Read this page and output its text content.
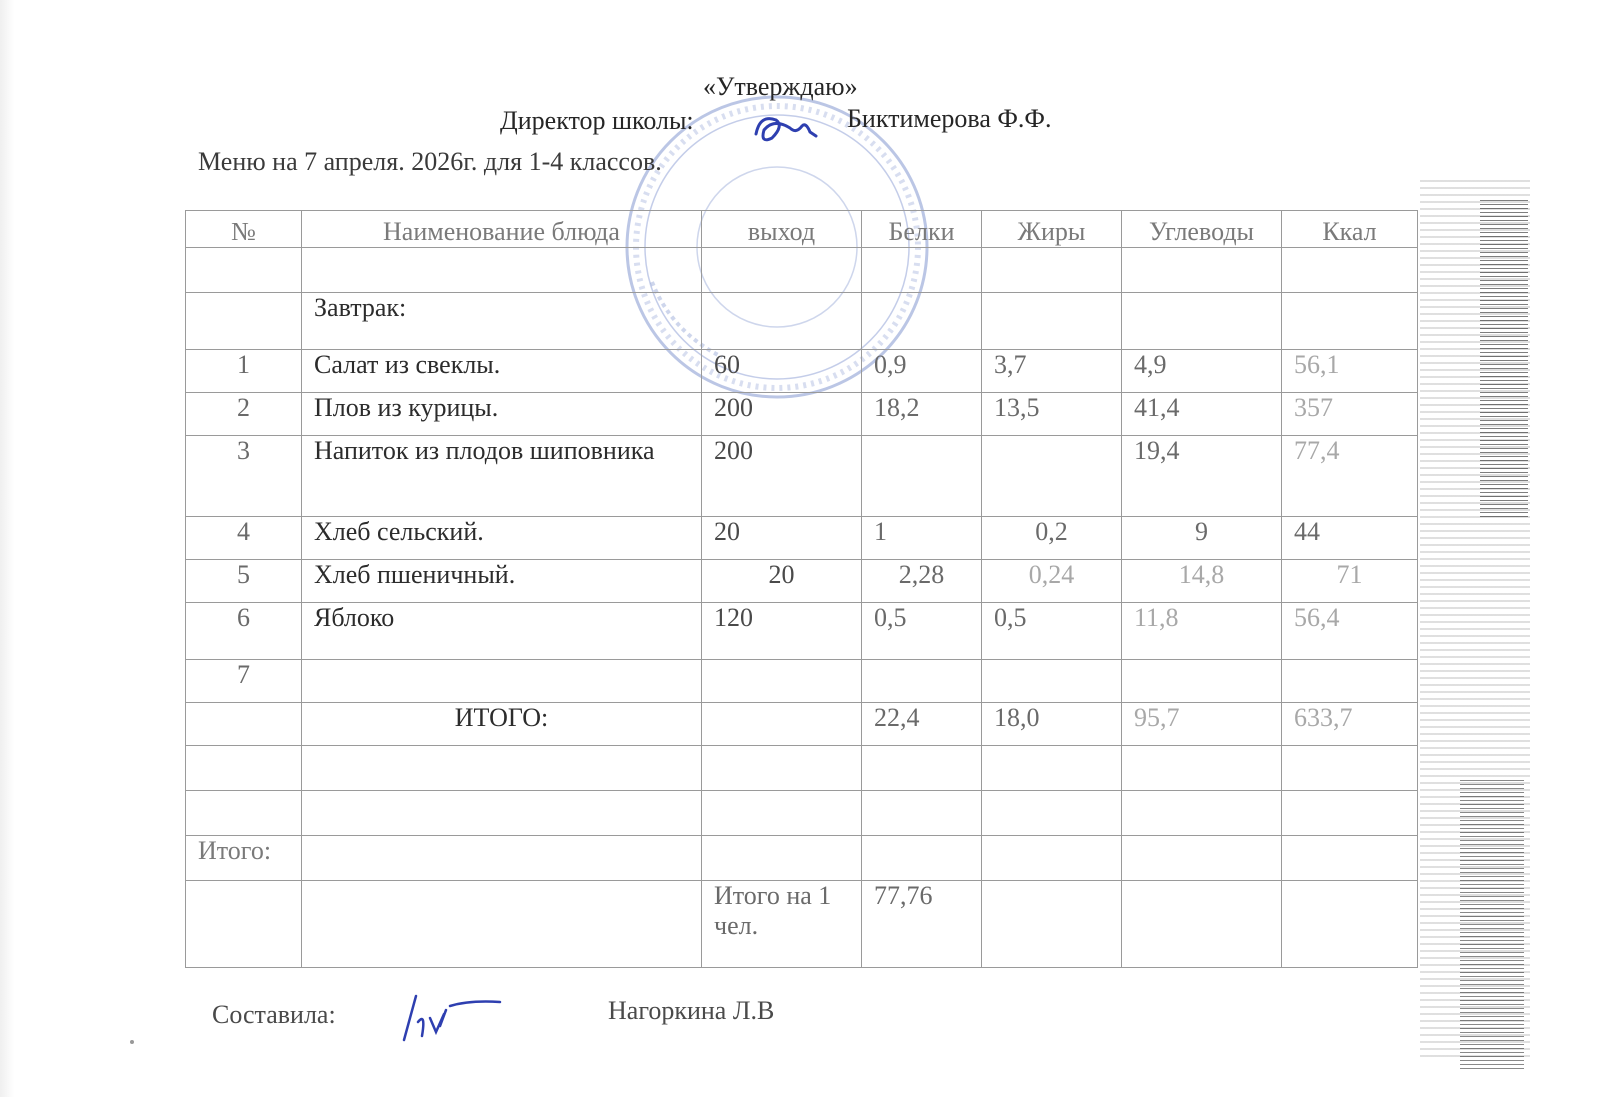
«Утверждаю»
Директор школы:	Биктимерова Ф.Ф.
Меню на 7 апреля. 2026г. для 1-4 классов.
№	Наименование блюда	выход	Белки	Жиры	Углеводы	Ккал

	Завтрак:					
1	Салат из свеклы.	60	0,9	3,7	4,9	56,1
2	Плов из курицы.	200	18,2	13,5	41,4	357
3	Напиток из плодов шиповника	200			19,4	77,4
4	Хлеб сельский.	20	1	0,2	9	44
5	Хлеб пшеничный.	20	2,28	0,24	14,8	71
6	Яблоко	120	0,5	0,5	11,8	56,4
7						
	ИТОГО:		22,4	18,0	95,7	633,7

Итого:						
		Итого на 1 чел.	77,76			
Составила:	Нагоркина Л.В
